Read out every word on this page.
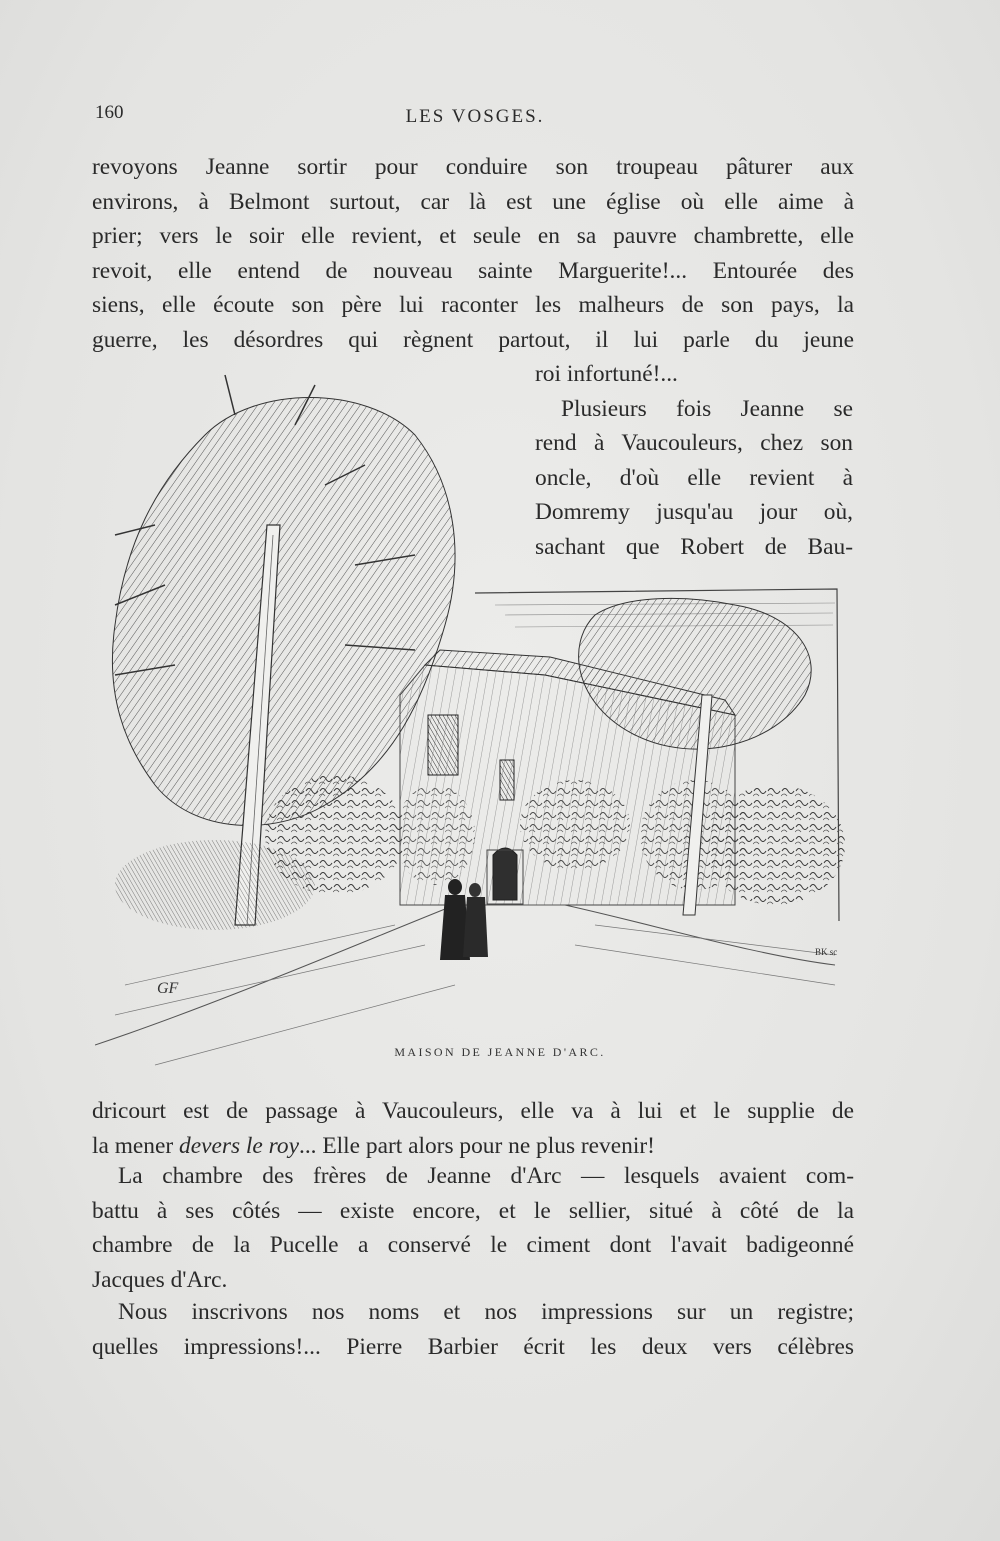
160	LES VOSGES.
revoyons Jeanne sortir pour conduire son troupeau pâturer aux
environs, à Belmont surtout, car là est une église où elle aime à
prier; vers le soir elle revient, et seule en sa pauvre chambrette, elle
revoit, elle entend de nouveau sainte Marguerite!... Entourée des
siens, elle écoute son père lui raconter les malheurs de son pays, la
guerre, les désordres qui règnent partout, il lui parle du jeune
roi infortuné!...
Plusieurs fois Jeanne se
rend à Vaucouleurs, chez son
oncle, d'où elle revient à
Domremy jusqu'au jour où,
sachant que Robert de Bau-
GF
BK sc
MAISON DE JEANNE D'ARC.
dricourt est de passage à Vaucouleurs, elle va à lui et le supplie de
la mener devers le roy... Elle part alors pour ne plus revenir!
La chambre des frères de Jeanne d'Arc — lesquels avaient com-
battu à ses côtés — existe encore, et le sellier, situé à côté de la
chambre de la Pucelle a conservé le ciment dont l'avait badigeonné
Jacques d'Arc.
Nous inscrivons nos noms et nos impressions sur un registre;
quelles impressions!... Pierre Barbier écrit les deux vers célèbres
